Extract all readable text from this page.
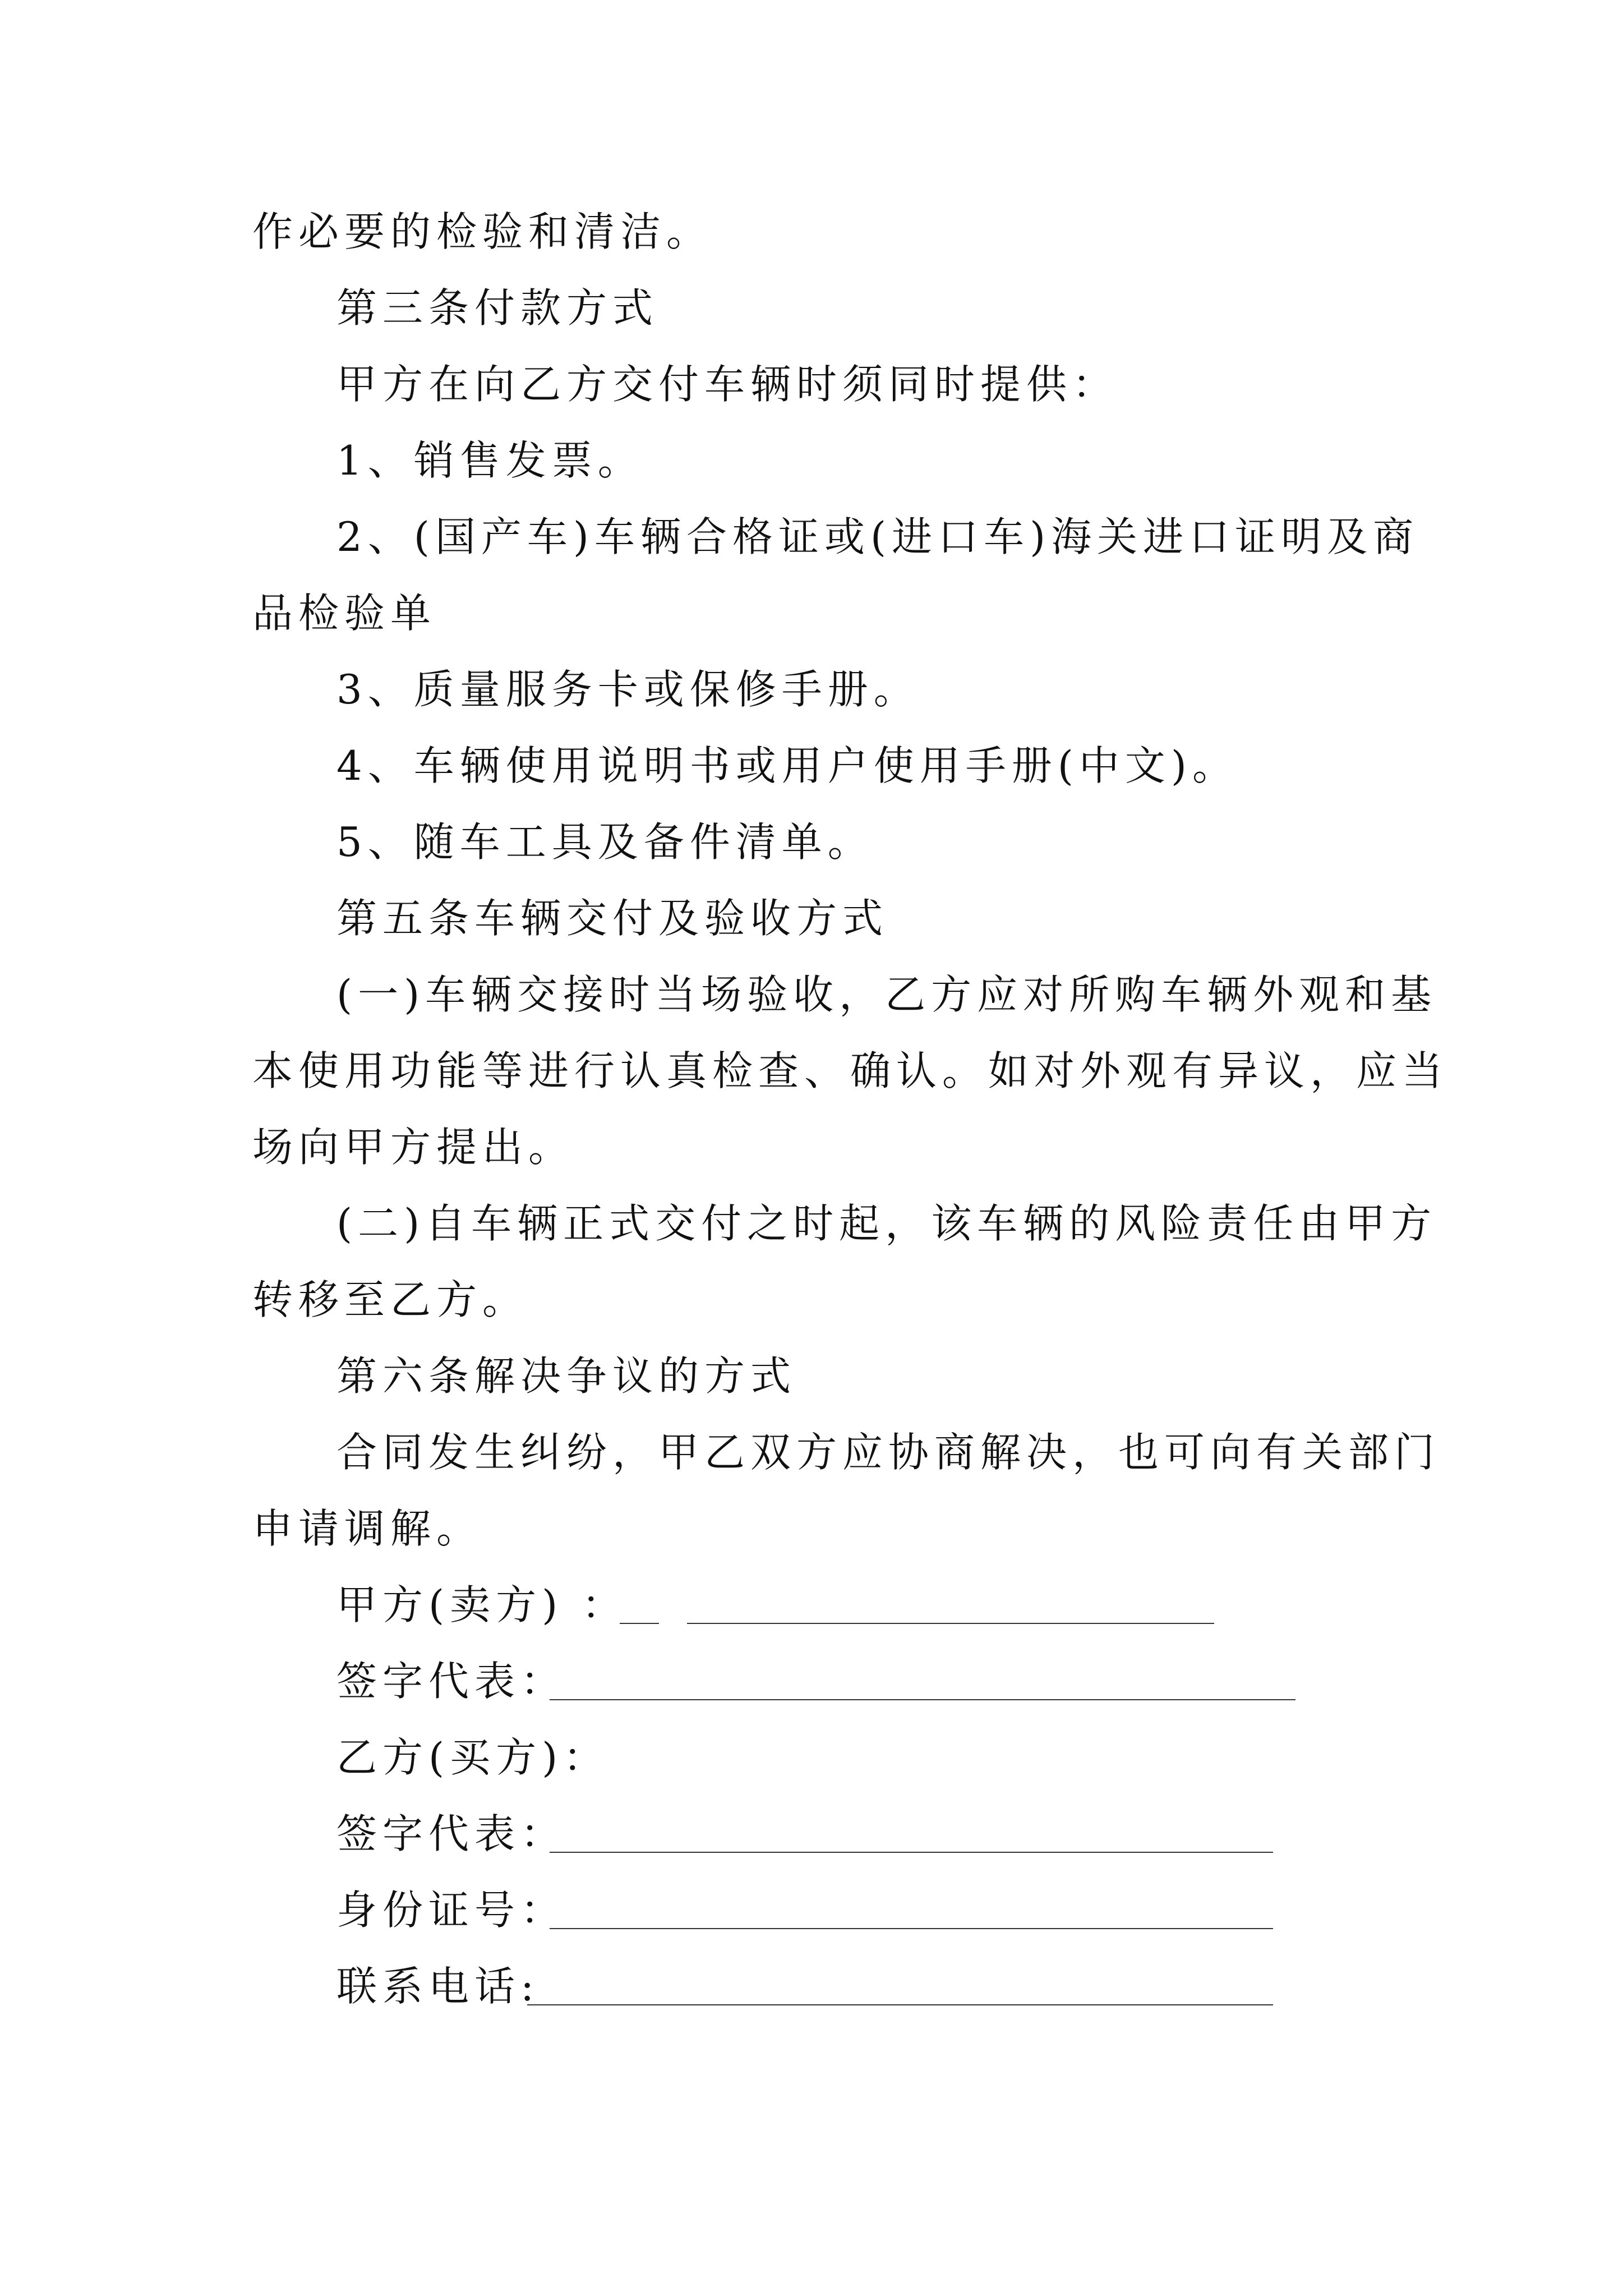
作必要的检验和清洁。

第三条付款方式

甲方在向乙方交付车辆时须同时提供：

1、销售发票。

2、(国产车)车辆合格证或(进口车)海关进口证明及商

品检验单

3、质量服务卡或保修手册。

4、车辆使用说明书或用户使用手册(中文)。

5、随车工具及备件清单。

第五条车辆交付及验收方式

(一)车辆交接时当场验收，乙方应对所购车辆外观和基

本使用功能等进行认真检查、确认。如对外观有异议，应当

场向甲方提出。

(二)自车辆正式交付之时起，该车辆的风险责任由甲方

转移至乙方。

第六条解决争议的方式

合同发生纠纷，甲乙双方应协商解决，也可向有关部门

申请调解。

甲方(卖方) ：
签字代表：
乙方(买方)：
签字代表：
身份证号：
联系电话:
